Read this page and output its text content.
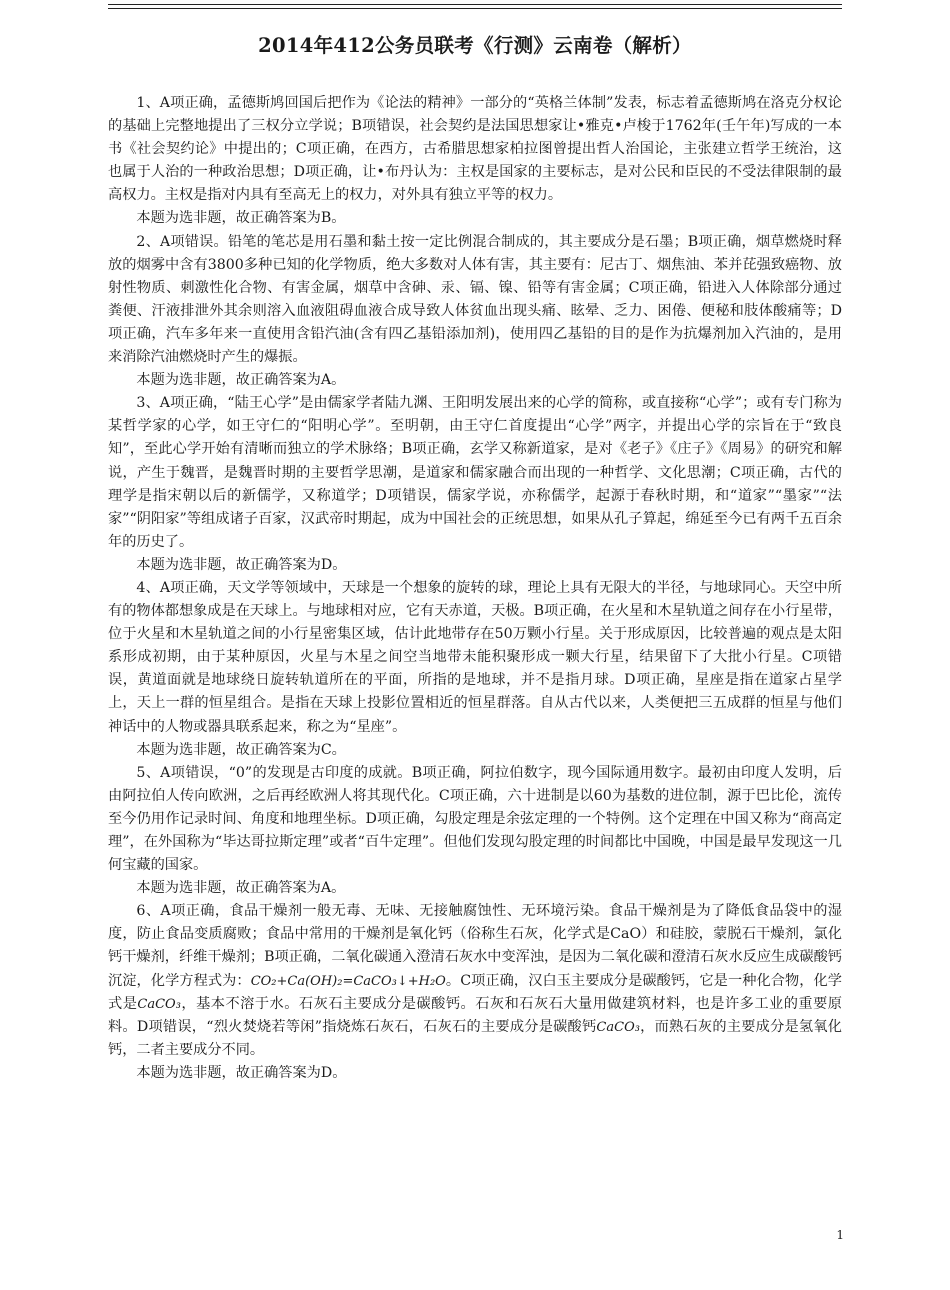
2014年412公务员联考《行测》云南卷（解析）

1、A项正确，孟德斯鸠回国后把作为《论法的精神》一部分的“英格兰体制”发表，标志着孟德斯鸠在洛克分权论的基础上完整地提出了三权分立学说；B项错误，社会契约是法国思想家让•雅克•卢梭于1762年(壬午年)写成的一本书《社会契约论》中提出的；C项正确，在西方，古希腊思想家柏拉图曾提出哲人治国论，主张建立哲学王统治，这也属于人治的一种政治思想；D项正确，让•布丹认为：主权是国家的主要标志，是对公民和臣民的不受法律限制的最高权力。主权是指对内具有至高无上的权力，对外具有独立平等的权力。

本题为选非题，故正确答案为B。

2、A项错误。铅笔的笔芯是用石墨和黏土按一定比例混合制成的，其主要成分是石墨；B项正确，烟草燃烧时释放的烟雾中含有3800多种已知的化学物质，绝大多数对人体有害，其主要有：尼古丁、烟焦油、苯并芘强致癌物、放射性物质、刺激性化合物、有害金属，烟草中含砷、汞、镉、镍、铅等有害金属；C项正确，铅进入人体除部分通过粪便、汗液排泄外其余则溶入血液阻碍血液合成导致人体贫血出现头痛、眩晕、乏力、困倦、便秘和肢体酸痛等；D项正确，汽车多年来一直使用含铅汽油(含有四乙基铅添加剂)，使用四乙基铅的目的是作为抗爆剂加入汽油的，是用来消除汽油燃烧时产生的爆振。

本题为选非题，故正确答案为A。

3、A项正确，“陆王心学”是由儒家学者陆九渊、王阳明发展出来的心学的简称，或直接称“心学”；或有专门称为某哲学家的心学，如王守仁的“阳明心学”。至明朝，由王守仁首度提出“心学”两字，并提出心学的宗旨在于“致良知”，至此心学开始有清晰而独立的学术脉络；B项正确，玄学又称新道家，是对《老子》《庄子》《周易》的研究和解说，产生于魏晋，是魏晋时期的主要哲学思潮，是道家和儒家融合而出现的一种哲学、文化思潮；C项正确，古代的理学是指宋朝以后的新儒学，又称道学；D项错误，儒家学说，亦称儒学，起源于春秋时期，和“道家”“墨家”“法家”“阴阳家”等组成诸子百家，汉武帝时期起，成为中国社会的正统思想，如果从孔子算起，绵延至今已有两千五百余年的历史了。

本题为选非题，故正确答案为D。

4、A项正确，天文学等领域中，天球是一个想象的旋转的球，理论上具有无限大的半径，与地球同心。天空中所有的物体都想象成是在天球上。与地球相对应，它有天赤道，天极。B项正确，在火星和木星轨道之间存在小行星带，位于火星和木星轨道之间的小行星密集区域，估计此地带存在50万颗小行星。关于形成原因，比较普遍的观点是太阳系形成初期，由于某种原因，火星与木星之间空当地带未能积聚形成一颗大行星，结果留下了大批小行星。C项错误，黄道面就是地球绕日旋转轨道所在的平面，所指的是地球，并不是指月球。D项正确，星座是指在道家占星学上，天上一群的恒星组合。是指在天球上投影位置相近的恒星群落。自从古代以来，人类便把三五成群的恒星与他们神话中的人物或器具联系起来，称之为“星座”。

本题为选非题，故正确答案为C。

5、A项错误，“0”的发现是古印度的成就。B项正确，阿拉伯数字，现今国际通用数字。最初由印度人发明，后由阿拉伯人传向欧洲，之后再经欧洲人将其现代化。C项正确，六十进制是以60为基数的进位制，源于巴比伦，流传至今仍用作记录时间、角度和地理坐标。D项正确，勾股定理是余弦定理的一个特例。这个定理在中国又称为“商高定理”，在外国称为“毕达哥拉斯定理”或者“百牛定理”。但他们发现勾股定理的时间都比中国晚，中国是最早发现这一几何宝藏的国家。

本题为选非题，故正确答案为A。

6、A项正确，食品干燥剂一般无毒、无味、无接触腐蚀性、无环境污染。食品干燥剂是为了降低食品袋中的湿度，防止食品变质腐败；食品中常用的干燥剂是氧化钙（俗称生石灰，化学式是CaO）和硅胶，蒙脱石干燥剂，氯化钙干燥剂，纤维干燥剂；B项正确，二氧化碳通入澄清石灰水中变浑浊，是因为二氧化碳和澄清石灰水反应生成碳酸钙沉淀，化学方程式为：CO₂+Ca(OH)₂=CaCO₃↓+H₂O。C项正确，汉白玉主要成分是碳酸钙，它是一种化合物，化学式是CaCO₃，基本不溶于水。石灰石主要成分是碳酸钙。石灰和石灰石大量用做建筑材料，也是许多工业的重要原料。D项错误，“烈火焚烧若等闲”指烧炼石灰石，石灰石的主要成分是碳酸钙CaCO₃，而熟石灰的主要成分是氢氧化钙，二者主要成分不同。

本题为选非题，故正确答案为D。

1
